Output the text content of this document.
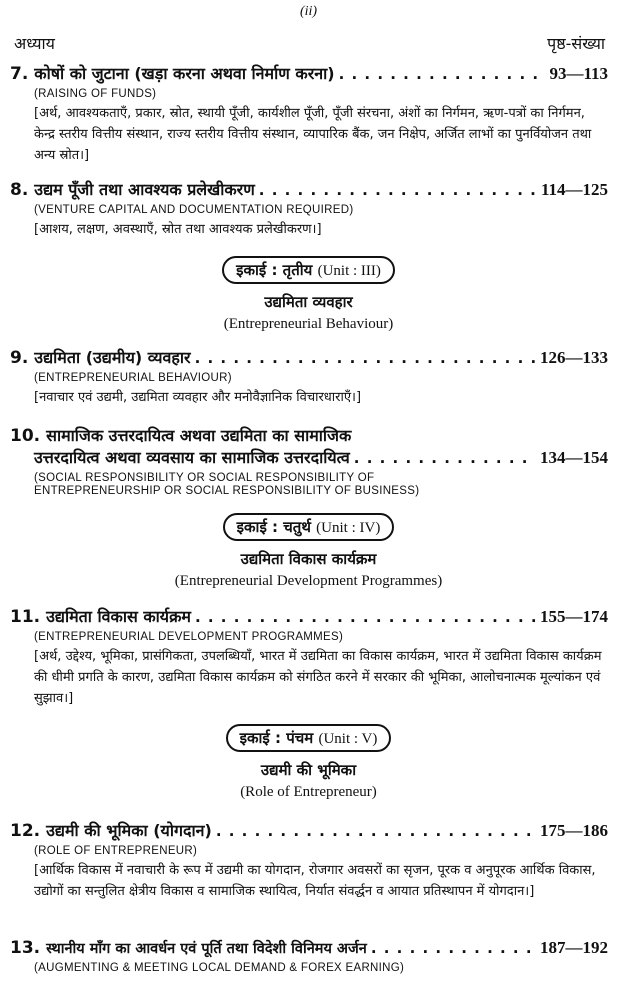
(ii)
अध्याय	पृष्ठ-संख्या
7. कोषों को जुटाना (खड़ा करना अथवा निर्माण करना) . . .	93—113
(RAISING OF FUNDS)
[अर्थ, आवश्यकताएँ, प्रकार, स्रोत, स्थायी पूँजी, कार्यशील पूँजी, पूँजी संरचना, अंशों का निर्गमन, ऋण-पत्रों का निर्गमन, केन्द्र स्तरीय वित्तीय संस्थान, राज्य स्तरीय वित्तीय संस्थान, व्यापारिक बैंक, जन निक्षेप, अर्जित लाभों का पुनर्वियोजन तथा अन्य स्रोत।]
8. उद्यम पूँजी तथा आवश्यक प्रलेखीकरण . . .	114—125
(VENTURE CAPITAL AND DOCUMENTATION REQUIRED)
[आशय, लक्षण, अवस्थाएँ, स्रोत तथा आवश्यक प्रलेखीकरण।]
इकाई : तृतीय (Unit : III)
उद्यमिता व्यवहार
(Entrepreneurial Behaviour)
9. उद्यमिता (उद्यमीय) व्यवहार . . .	126—133
(ENTREPRENEURIAL BEHAVIOUR)
[नवाचार एवं उद्यमी, उद्यमिता व्यवहार और मनोवैज्ञानिक विचारधाराएँ।]
10. सामाजिक उत्तरदायित्व अथवा उद्यमिता का सामाजिक
उत्तरदायित्व अथवा व्यवसाय का सामाजिक उत्तरदायित्व . . .	134—154
(SOCIAL RESPONSIBILITY OR SOCIAL RESPONSIBILITY OF
ENTREPRENEURSHIP OR SOCIAL RESPONSIBILITY OF BUSINESS)
इकाई : चतुर्थ (Unit : IV)
उद्यमिता विकास कार्यक्रम
(Entrepreneurial Development Programmes)
11. उद्यमिता विकास कार्यक्रम . . .	155—174
(ENTREPRENEURIAL DEVELOPMENT PROGRAMMES)
[अर्थ, उद्देश्य, भूमिका, प्रासंगिकता, उपलब्धियाँ, भारत में उद्यमिता का विकास कार्यक्रम, भारत में उद्यमिता विकास कार्यक्रम की धीमी प्रगति के कारण, उद्यमिता विकास कार्यक्रम को संगठित करने में सरकार की भूमिका, आलोचनात्मक मूल्यांकन एवं सुझाव।]
इकाई : पंचम (Unit : V)
उद्यमी की भूमिका
(Role of Entrepreneur)
12. उद्यमी की भूमिका (योगदान) . . .	175—186
(ROLE OF ENTREPRENEUR)
[आर्थिक विकास में नवाचारी के रूप में उद्यमी का योगदान, रोजगार अवसरों का सृजन, पूरक व अनुपूरक आर्थिक विकास, उद्योगों का सन्तुलित क्षेत्रीय विकास व सामाजिक स्थायित्व, निर्यात संवर्द्धन व आयात प्रतिस्थापन में योगदान।]
13. स्थानीय माँग का आवर्धन एवं पूर्ति तथा विदेशी विनिमय अर्जन . . .	187—192
(AUGMENTING & MEETING LOCAL DEMAND & FOREX EARNING)
